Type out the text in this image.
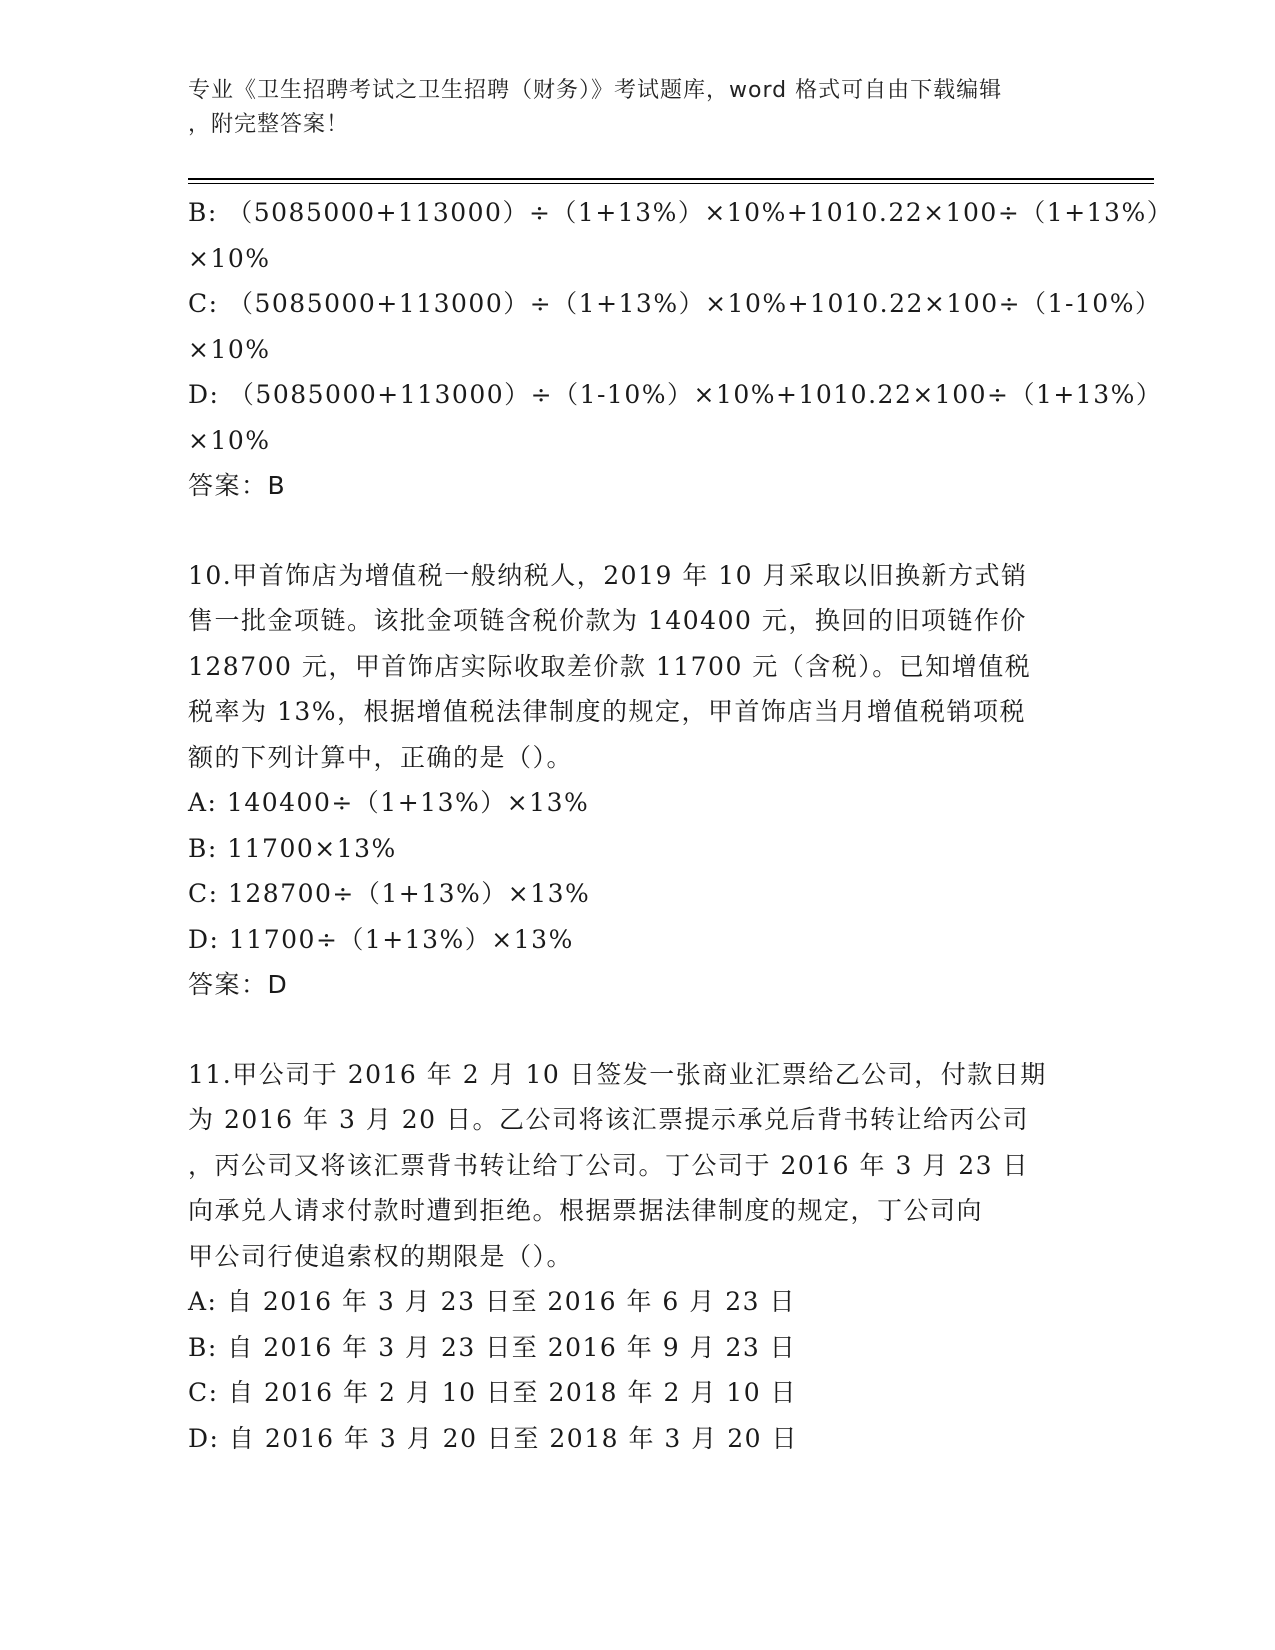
专业《卫生招聘考试之卫生招聘（财务）》考试题库，word 格式可自由下载编辑
，附完整答案！
B: （5085000+113000）÷（1+13%）×10%+1010.22×100÷（1+13%）
×10%
C: （5085000+113000）÷（1+13%）×10%+1010.22×100÷（1-10%）
×10%
D: （5085000+113000）÷（1-10%）×10%+1010.22×100÷（1+13%）
×10%
答案：B
10.甲首饰店为增值税一般纳税人，2019 年 10 月采取以旧换新方式销
售一批金项链。该批金项链含税价款为 140400 元，换回的旧项链作价
128700 元，甲首饰店实际收取差价款 11700 元（含税）。已知增值税
税率为 13%，根据增值税法律制度的规定，甲首饰店当月增值税销项税
额的下列计算中，正确的是（）。
A: 140400÷（1+13%）×13%
B: 11700×13%
C: 128700÷（1+13%）×13%
D: 11700÷（1+13%）×13%
答案：D
11.甲公司于 2016 年 2 月 10 日签发一张商业汇票给乙公司，付款日期
为 2016 年 3 月 20 日。乙公司将该汇票提示承兑后背书转让给丙公司
，丙公司又将该汇票背书转让给丁公司。丁公司于 2016 年 3 月 23 日
向承兑人请求付款时遭到拒绝。根据票据法律制度的规定，丁公司向
甲公司行使追索权的期限是（）。
A: 自 2016 年 3 月 23 日至 2016 年 6 月 23 日
B: 自 2016 年 3 月 23 日至 2016 年 9 月 23 日
C: 自 2016 年 2 月 10 日至 2018 年 2 月 10 日
D: 自 2016 年 3 月 20 日至 2018 年 3 月 20 日
